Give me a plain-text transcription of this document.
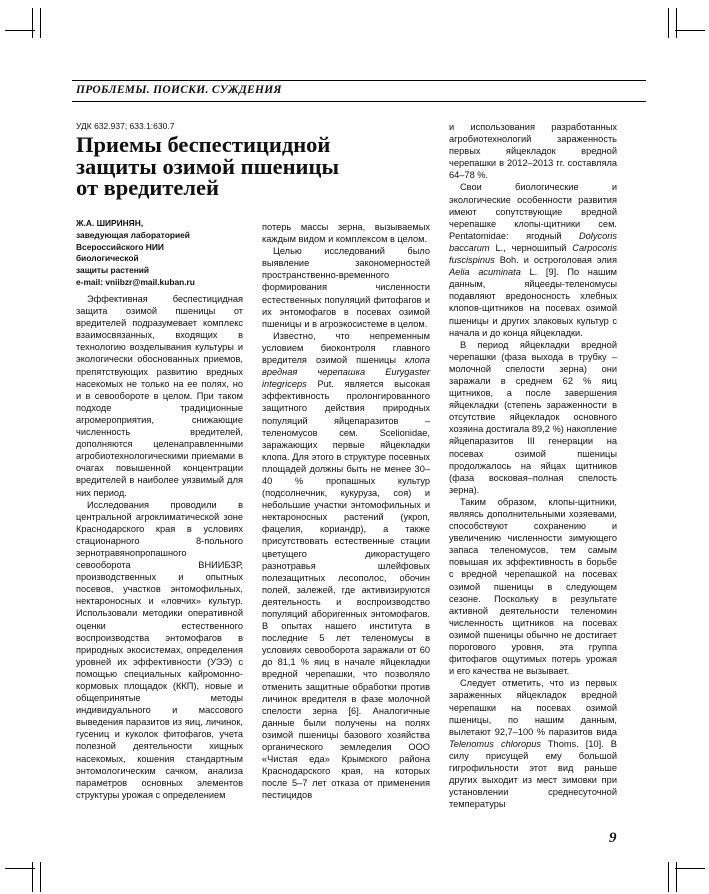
ПРОБЛЕМЫ. ПОИСКИ. СУЖДЕНИЯ
УДК 632.937; 633.1:630.7
Приемы беспестицидной
защиты озимой пшеницы
от вредителей
Ж.А. ШИРИНЯН,
заведующая лабораторией
Всероссийского НИИ
биологической
защиты растений
e-mail: vniibzr@mail.kuban.ru

Эффективная беспестицидная защита озимой пшеницы от вредителей подразумевает комплекс взаимосвязанных, входящих в технологию возделывания культуры и экологически обоснованных приемов, препятствующих развитию вредных насекомых не только на ее полях, но и в севообороте в целом. При таком подходе традиционные агромероприятия, снижающие численность вредителей, дополняются целенаправленными агробиотехнологическими приемами в очагах повышенной концентрации вредителей в наиболее уязвимый для них период.

Исследования проводили в центральной агроклиматической зоне Краснодарского края в условиях стационарного 8-польного зернотравянопропашного севооборота ВНИИБЗР, производственных и опытных посевов, участков энтомофильных, нектароносных и «ловчих» культур. Использовали методики оперативной оценки естественного воспроизводства энтомофагов в природных экосистемах, определения уровней их эффективности (УЭЭ) с помощью специальных кайромонно-кормовых площадок (ККП), новые и общепринятые методы индивидуального и массового выведения паразитов из яиц, личинок, гусениц и куколок фитофагов, учета полезной деятельности хищных насекомых, кошения стандартным энтомологическим сачком, анализа параметров основных элементов структуры урожая с определением

потерь массы зерна, вызываемых каждым видом и комплексом в целом.

Целью исследований было выявление закономерностей пространственно-временного формирования численности естественных популяций фитофагов и их энтомофагов в посевах озимой пшеницы и в агроэкосистеме в целом.

Известно, что непременным условием биоконтроля главного вредителя озимой пшеницы клопа вредная черепашка Eurygaster integriceps Put. является высокая эффективность пролонгированного защитного действия природных популяций яйцепаразитов – теленомусов сем. Scelionidae, заражающих первые яйцекладки клопа. Для этого в структуре посевных площадей должны быть не менее 30–40 % пропашных культур (подсолнечник, кукуруза, соя) и небольшие участки энтомофильных и нектароносных растений (укроп, фацелия, кориандр), а также присутствовать естественные стации цветущего дикорастущего разнотравья шлейфовых полезащитных лесополос, обочин полей, залежей, где активизируются деятельность и воспроизводство популяций аборигенных энтомофагов. В опытах нашего института в последние 5 лет теленомусы в условиях севооборота заражали от 60 до 81,1 % яиц в начале яйцекладки вредной черепашки, что позволяло отменить защитные обработки против личинок вредителя в фазе молочной спелости зерна [6]. Аналогичные данные были получены на полях озимой пшеницы базового хозяйства органического земледелия ООО «Чистая еда» Крымского района Краснодарского края, на которых после 5–7 лет отказа от применения пестицидов

и использования разработанных агробиотехнологий зараженность первых яйцекладок вредной черепашки в 2012–2013 гг. составляла 64–78 %.

Свои биологические и экологические особенности развития имеют сопутствующие вредной черепашке клопы-щитники сем. Pentatomidae: ягодный Dolycoris baccarum L., черношипый Carpocoris fuscispinus Boh. и остроголовая элия Aelia acuminata L. [9]. По нашим данным, яйцееды-теленомусы подавляют вредоносность хлебных клопов-щитников на посевах озимой пшеницы и других злаковых культур с начала и до конца яйцекладки.

В период яйцекладки вредной черепашки (фаза выхода в трубку – молочной спелости зерна) они заражали в среднем 62 % яиц щитников, а после завершения яйцекладки (степень зараженности в отсутствие яйцекладок основного хозяина достигала 89,2 %) накопление яйцепаразитов III генерации на посевах озимой пшеницы продолжалось на яйцах щитников (фаза восковая–полная спелость зерна).

Таким образом, клопы-щитники, являясь дополнительными хозяевами, способствуют сохранению и увеличению численности зимующего запаса теленомусов, тем самым повышая их эффективность в борьбе с вредной черепашкой на посевах озимой пшеницы в следующем сезоне. Поскольку в результате активной деятельности теленомин численность щитников на посевах озимой пшеницы обычно не достигает порогового уровня, эта группа фитофагов ощутимых потерь урожая и его качества не вызывает.

Следует отметить, что из первых зараженных яйцекладок вредной черепашки на посевах озимой пшеницы, по нашим данным, вылетают 92,7–100 % паразитов вида Telenomus chloropus Thoms. [10]. В силу присущей ему большой гигрофильности этот вид раньше других выходит из мест зимовки при установлении среднесуточной температуры

9
